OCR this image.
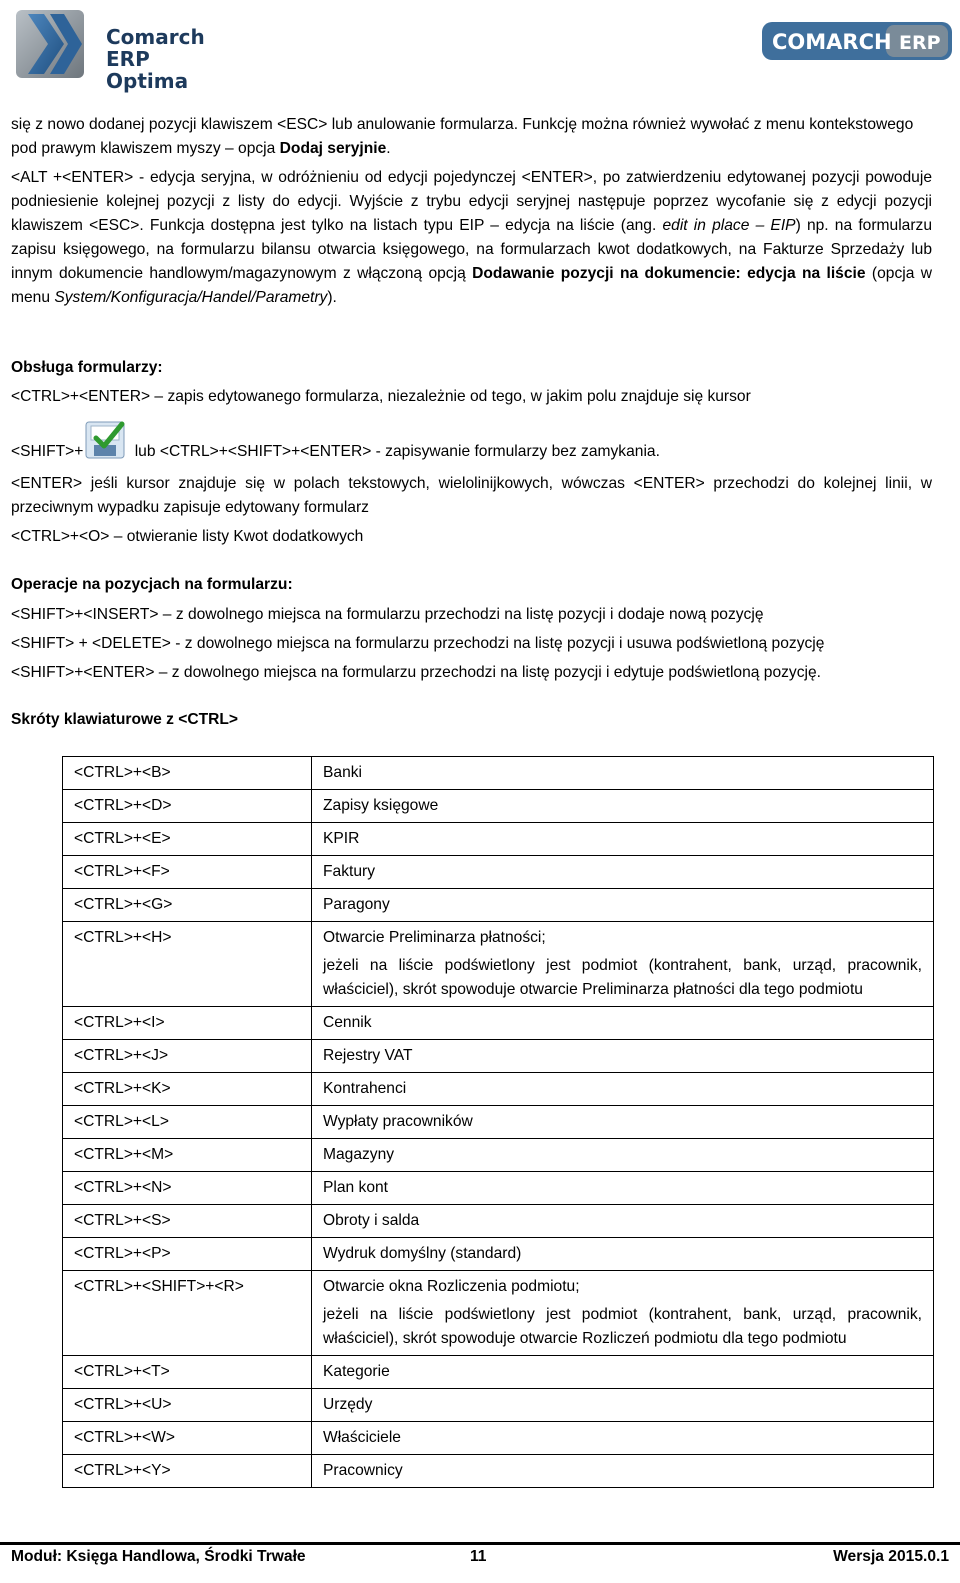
Comarch ERP
Optima
COMARCH ERP

się z nowo dodanej pozycji klawiszem <ESC> lub anulowanie formularza. Funkcję można również wywołać z menu kontekstowego pod prawym klawiszem myszy – opcja Dodaj seryjnie.

<ALT +<ENTER> - edycja seryjna, w odróżnieniu od edycji pojedynczej <ENTER>, po zatwierdzeniu edytowanej pozycji powoduje podniesienie kolejnej pozycji z listy do edycji. Wyjście z trybu edycji seryjnej następuje poprzez wycofanie się z edycji pozycji klawiszem <ESC>. Funkcja dostępna jest tylko na listach typu EIP – edycja na liście (ang. edit in place – EIP) np. na formularzu zapisu księgowego, na formularzu bilansu otwarcia księgowego, na formularzach kwot dodatkowych, na Fakturze Sprzedaży lub innym dokumencie handlowym/magazynowym z włączoną opcją Dodawanie pozycji na dokumencie: edycja na liście (opcja w menu System/Konfiguracja/Handel/Parametry).

Obsługa formularzy:

<CTRL>+<ENTER> – zapis edytowanego formularza, niezależnie od tego, w jakim polu znajduje się kursor

<SHIFT>+	lub <CTRL>+<SHIFT>+<ENTER> - zapisywanie formularzy bez zamykania.

<ENTER> jeśli kursor znajduje się w polach tekstowych, wielolinijkowych, wówczas <ENTER> przechodzi do kolejnej linii, w przeciwnym wypadku zapisuje edytowany formularz

<CTRL>+<O> – otwieranie listy Kwot dodatkowych

Operacje na pozycjach na formularzu:

<SHIFT>+<INSERT> – z dowolnego miejsca na formularzu przechodzi na listę pozycji i dodaje nową pozycję

<SHIFT> + <DELETE> - z dowolnego miejsca na formularzu przechodzi na listę pozycji i usuwa podświetloną pozycję

<SHIFT>+<ENTER> – z dowolnego miejsca na formularzu przechodzi na listę pozycji i edytuje podświetloną pozycję.

Skróty klawiaturowe z <CTRL>

<CTRL>+<B>	Banki
<CTRL>+<D>	Zapisy księgowe
<CTRL>+<E>	KPIR
<CTRL>+<F>	Faktury
<CTRL>+<G>	Paragony
<CTRL>+<H>	Otwarcie Preliminarza płatności;
jeżeli na liście podświetlony jest podmiot (kontrahent, bank, urząd, pracownik, właściciel), skrót spowoduje otwarcie Preliminarza płatności dla tego podmiotu

<CTRL>+<I>	Cennik
<CTRL>+<J>	Rejestry VAT
<CTRL>+<K>	Kontrahenci
<CTRL>+<L>	Wypłaty pracowników
<CTRL>+<M>	Magazyny
<CTRL>+<N>	Plan kont
<CTRL>+<S>	Obroty i salda
<CTRL>+<P>	Wydruk domyślny (standard)
<CTRL>+<SHIFT>+<R>	Otwarcie okna Rozliczenia podmiotu;
jeżeli na liście podświetlony jest podmiot (kontrahent, bank, urząd, pracownik, właściciel), skrót spowoduje otwarcie Rozliczeń podmiotu dla tego podmiotu

<CTRL>+<T>	Kategorie
<CTRL>+<U>	Urzędy
<CTRL>+<W>	Właściciele
<CTRL>+<Y>	Pracownicy
Moduł: Księga Handlowa, Środki Trwałe	11	Wersja 2015.0.1
